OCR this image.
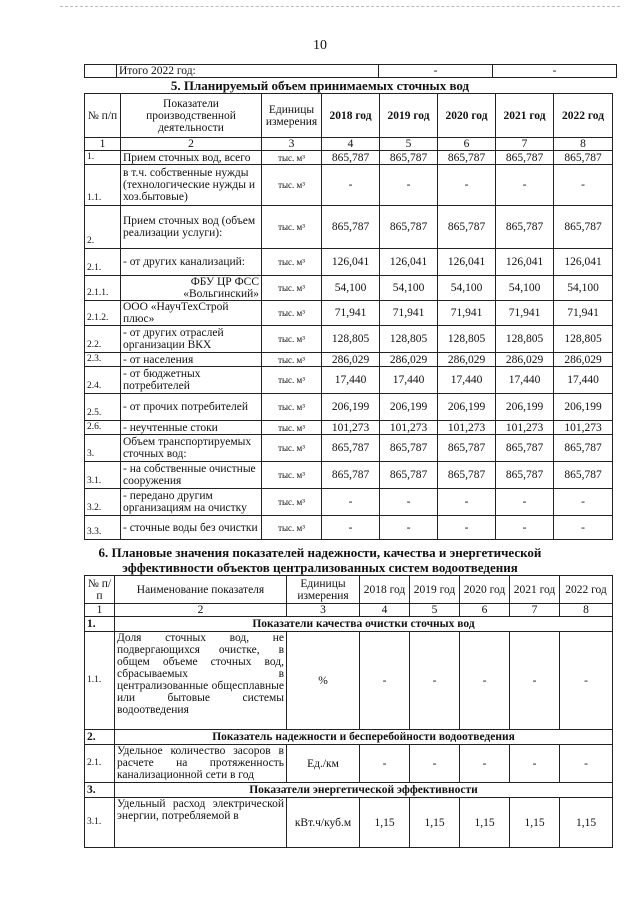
10
	Итого 2022 год:	-	-
5. Планируемый объем принимаемых сточных вод
№ п/п	Показатели производственной деятельности	Единицы измерения	2018 год	2019 год	2020 год	2021 год	2022 год
1	2	3	4	5	6	7	8
1.	Прием сточных вод, всего	тыс. м³	865,787	865,787	865,787	865,787	865,787
1.1.	в т.ч. собственные нужды (технологические нужды и хоз.бытовые)	тыс. м³	-	-	-	-	-
2.	Прием сточных вод (объем реализации услуги):	тыс. м³	865,787	865,787	865,787	865,787	865,787
2.1.	- от других канализаций:	тыс. м³	126,041	126,041	126,041	126,041	126,041
2.1.1.	ФБУ ЦР ФСС «Вольгинский»	тыс. м³	54,100	54,100	54,100	54,100	54,100
2.1.2.	ООО «НаучТехСтрой плюс»	тыс. м³	71,941	71,941	71,941	71,941	71,941
2.2.	- от других отраслей организации ВКХ	тыс. м³	128,805	128,805	128,805	128,805	128,805
2.3.	- от населения	тыс. м³	286,029	286,029	286,029	286,029	286,029
2.4.	- от бюджетных потребителей	тыс. м³	17,440	17,440	17,440	17,440	17,440
2.5.	- от прочих потребителей	тыс. м³	206,199	206,199	206,199	206,199	206,199
2.6.	- неучтенные стоки	тыс. м³	101,273	101,273	101,273	101,273	101,273
3.	Объем транспортируемых сточных вод:	тыс. м³	865,787	865,787	865,787	865,787	865,787
3.1.	- на собственные очистные сооружения	тыс. м³	865,787	865,787	865,787	865,787	865,787
3.2.	- передано другим организациям на очистку	тыс. м³	-	-	-	-	-
3.3.	- сточные воды без очистки	тыс. м³	-	-	-	-	-
6. Плановые значения показателей надежности, качества и энергетической
эффективности объектов централизованных систем водоотведения
№ п/п	Наименование показателя	Единицы измерения	2018 год	2019 год	2020 год	2021 год	2022 год
1	2	3	4	5	6	7	8
1.	Показатели качества очистки сточных вод						
1.1.	Доля сточных вод, не подвергающихся очистке, в общем объеме сточных вод, сбрасываемых в централизованные общесплавные или бытовые системы водоотведения	%	-	-	-	-	-
2.	Показатель надежности и бесперебойности водоотведения						
2.1.	Удельное количество засоров в расчете на протяженность канализационной сети в год	Ед./км	-	-	-	-	-
3.	Показатели энергетической эффективности						
3.1.	Удельный расход электрической энергии, потребляемой в	кВт.ч/куб.м	1,15	1,15	1,15	1,15	1,15
